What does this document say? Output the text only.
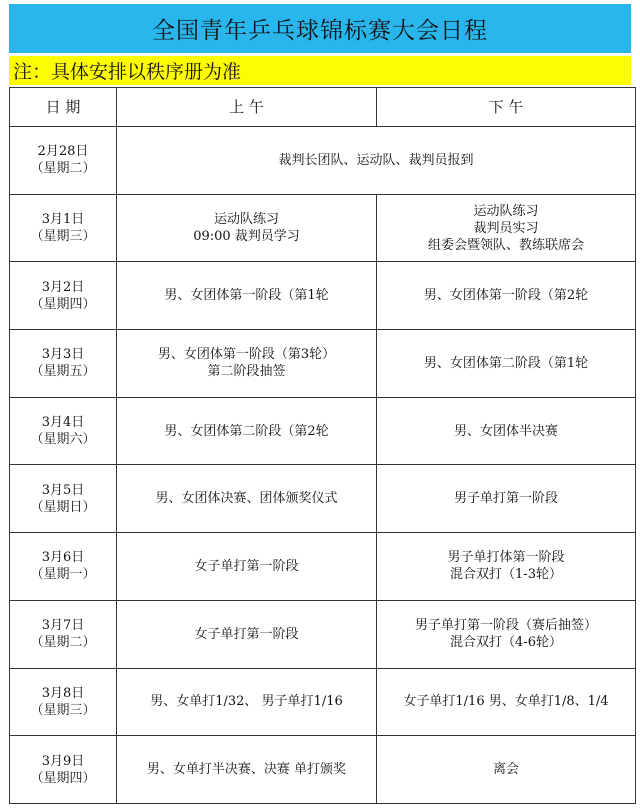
全国青年乒乓球锦标赛大会日程
注：具体安排以秩序册为准
日 期	上 午	下 午

2月28日
（星期二）	裁判长团队、运动队、裁判员报到	

3月1日
（星期三）	运动队练习
09:00 裁判员学习	运动队练习
裁判员实习
组委会暨领队、教练联席会

3月2日
（星期四）	男、女团体第一阶段（第1轮	男、女团体第一阶段（第2轮

3月3日
（星期五）	男、女团体第一阶段（第3轮）
第二阶段抽签	男、女团体第二阶段（第1轮

3月4日
（星期六）	男、女团体第二阶段（第2轮	男、女团体半决赛

3月5日
（星期日）	男、女团体决赛、团体颁奖仪式	男子单打第一阶段

3月6日
（星期一）	女子单打第一阶段	男子单打体第一阶段
混合双打（1-3轮）

3月7日
（星期二）	女子单打第一阶段	男子单打第一阶段（赛后抽签）
混合双打（4-6轮）

3月8日
（星期三）	男、女单打1/32、 男子单打1/16	女子单打1/16 男、女单打1/8、1/4

3月9日
（星期四）	男、女单打半决赛、决赛 单打颁奖	离会
